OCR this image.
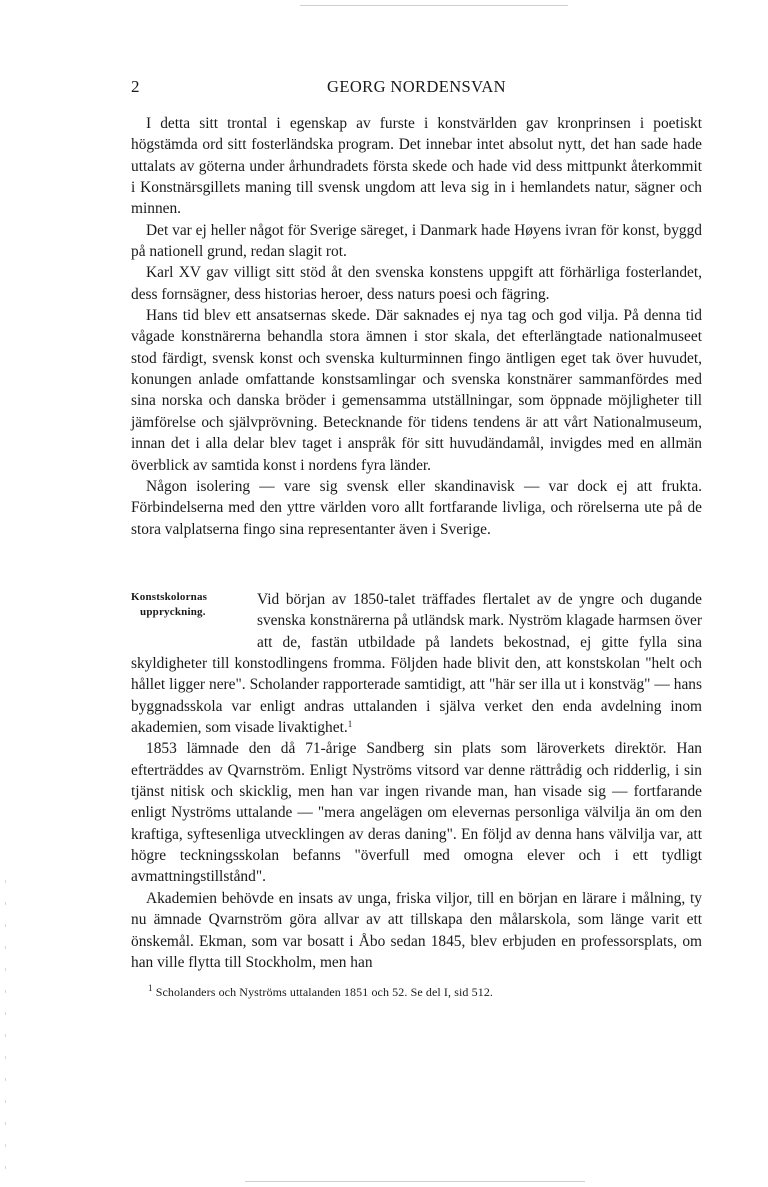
2	GEORG NORDENSVAN

I detta sitt trontal i egenskap av furste i konstvärlden gav kronprinsen i poetiskt högstämda ord sitt fosterländska program. Det innebar intet absolut nytt, det han sade hade uttalats av göterna under århundradets första skede och hade vid dess mittpunkt återkommit i Konstnärsgillets maning till svensk ungdom att leva sig in i hemlandets natur, sägner och minnen.

Det var ej heller något för Sverige säreget, i Danmark hade Høyens ivran för konst, byggd på nationell grund, redan slagit rot.

Karl XV gav villigt sitt stöd åt den svenska konstens uppgift att förhärliga fosterlandet, dess fornsägner, dess historias heroer, dess naturs poesi och fägring.

Hans tid blev ett ansatsernas skede. Där saknades ej nya tag och god vilja. På denna tid vågade konstnärerna behandla stora ämnen i stor skala, det efterlängtade nationalmuseet stod färdigt, svensk konst och svenska kulturminnen fingo äntligen eget tak över huvudet, konungen anlade omfattande konstsamlingar och svenska konstnärer sammanfördes med sina norska och danska bröder i gemensamma utställningar, som öppnade möjligheter till jämförelse och självprövning. Betecknande för tidens tendens är att vårt Nationalmuseum, innan det i alla delar blev taget i anspråk för sitt huvudändamål, invigdes med en allmän överblick av samtida konst i nordens fyra länder.

Någon isolering — vare sig svensk eller skandinavisk — var dock ej att frukta. Förbindelserna med den yttre världen voro allt fortfarande livliga, och rörelserna ute på de stora valplatserna fingo sina representanter även i Sverige.

Konstskolornas
uppryckning.

Vid början av 1850-talet träffades flertalet av de yngre och dugande svenska konstnärerna på utländsk mark. Nyström klagade harmsen över att de, fastän utbildade på landets bekostnad, ej gitte fylla sina skyldigheter till konstodlingens fromma. Följden hade blivit den, att konstskolan "helt och hållet ligger nere". Scholander rapporterade samtidigt, att "här ser illa ut i konstväg" — hans byggnadsskola var enligt andras uttalanden i själva verket den enda avdelning inom akademien, som visade livaktighet.$^1$

1853 lämnade den då 71-årige Sandberg sin plats som läroverkets direktör. Han efterträddes av Qvarnström. Enligt Nyströms vitsord var denne rättrådig och ridderlig, i sin tjänst nitisk och skicklig, men han var ingen rivande man, han visade sig — fortfarande enligt Nyströms uttalande — "mera angelägen om elevernas personliga välvilja än om den kraftiga, syftesenliga utvecklingen av deras daning". En följd av denna hans välvilja var, att högre teckningsskolan befanns "överfull med omogna elever och i ett tydligt avmattningstillstånd".

Akademien behövde en insats av unga, friska viljor, till en början en lärare i målning, ty nu ämnade Qvarnström göra allvar av att tillskapa den målarskola, som länge varit ett önskemål. Ekman, som var bosatt i Åbo sedan 1845, blev erbjuden en professorsplats, om han ville flytta till Stockholm, men han

$^1$ Scholanders och Nyströms uttalanden 1851 och 52. Se del I, sid 512.
